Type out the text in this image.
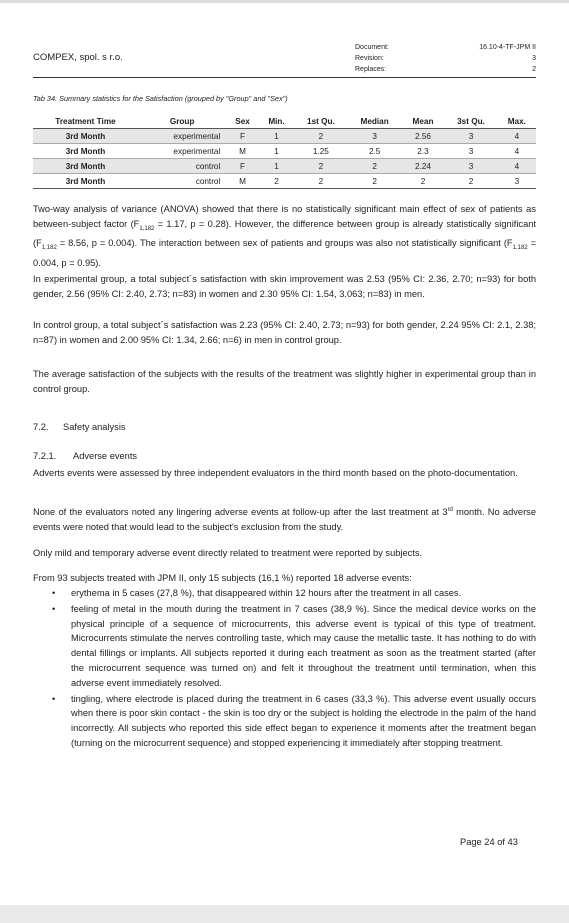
COMPEX, spol. s r.o.
Document:
Revision:
Replaces:
16.10-4-TF-JPM II
3
2
Tab 34. Summary statistics for the Satisfaction (grouped by "Group" and "Sex")
Treatment Time	Group	Sex	Min.	1st Qu.	Median	Mean	3st Qu.	Max.
3rd Month	experimental	F	1	2	3	2.56	3	4
3rd Month	experimental	M	1	1.25	2.5	2.3	3	4
3rd Month	control	F	1	2	2	2.24	3	4
3rd Month	control	M	2	2	2	2	2	3
Two-way analysis of variance (ANOVA) showed that there is no statistically significant main effect of sex of patients as between-subject factor ($F_{1,182} = 1.17$, p = 0.28). However, the difference between group is already statistically significant ($F_{1,182} = 8.56$, p = 0.004). The interaction between sex of patients and groups was also not statistically significant ($F_{1,182} = 0.004$, p = 0.95).
In experimental group, a total subject´s satisfaction with skin improvement was 2.53 (95% CI: 2.36, 2.70; n=93) for both gender, 2.56 (95% CI: 2.40, 2.73; n=83) in women and 2.30 95% CI: 1.54, 3.063; n=83) in men.
In control group, a total subject´s satisfaction was 2.23 (95% CI: 2.40, 2.73; n=93) for both gender, 2.24 95% CI: 2.1, 2.38; n=87) in women and 2.00 95% CI: 1.34, 2.66; n=6) in men in control group.
The average satisfaction of the subjects with the results of the treatment was slightly higher in experimental group than in control group.
7.2. Safety analysis
7.2.1. Adverse events
Adverts events were assessed by three independent evaluators in the third month based on the photo-documentation.
None of the evaluators noted any lingering adverse events at follow-up after the last treatment at 3rd month. No adverse events were noted that would lead to the subject's exclusion from the study.
Only mild and temporary adverse event directly related to treatment were reported by subjects.
From 93 subjects treated with JPM II, only 15 subjects (16,1 %) reported 18 adverse events:
• erythema in 5 cases (27,8 %), that disappeared within 12 hours after the treatment in all cases.
• feeling of metal in the mouth during the treatment in 7 cases (38,9 %). Since the medical device works on the physical principle of a sequence of microcurrents, this adverse event is typical of this type of treatment. Microcurrents stimulate the nerves controlling taste, which may cause the metallic taste. It has nothing to do with dental fillings or implants. All subjects reported it during each treatment as soon as the treatment started (after the microcurrent sequence was turned on) and felt it throughout the treatment until termination, when this adverse event immediately resolved.
• tingling, where electrode is placed during the treatment in 6 cases (33,3 %). This adverse event usually occurs when there is poor skin contact - the skin is too dry or the subject is holding the electrode in the palm of the hand incorrectly. All subjects who reported this side effect began to experience it moments after the treatment began (turning on the microcurrent sequence) and stopped experiencing it immediately after stopping treatment.
Page 24 of 43
